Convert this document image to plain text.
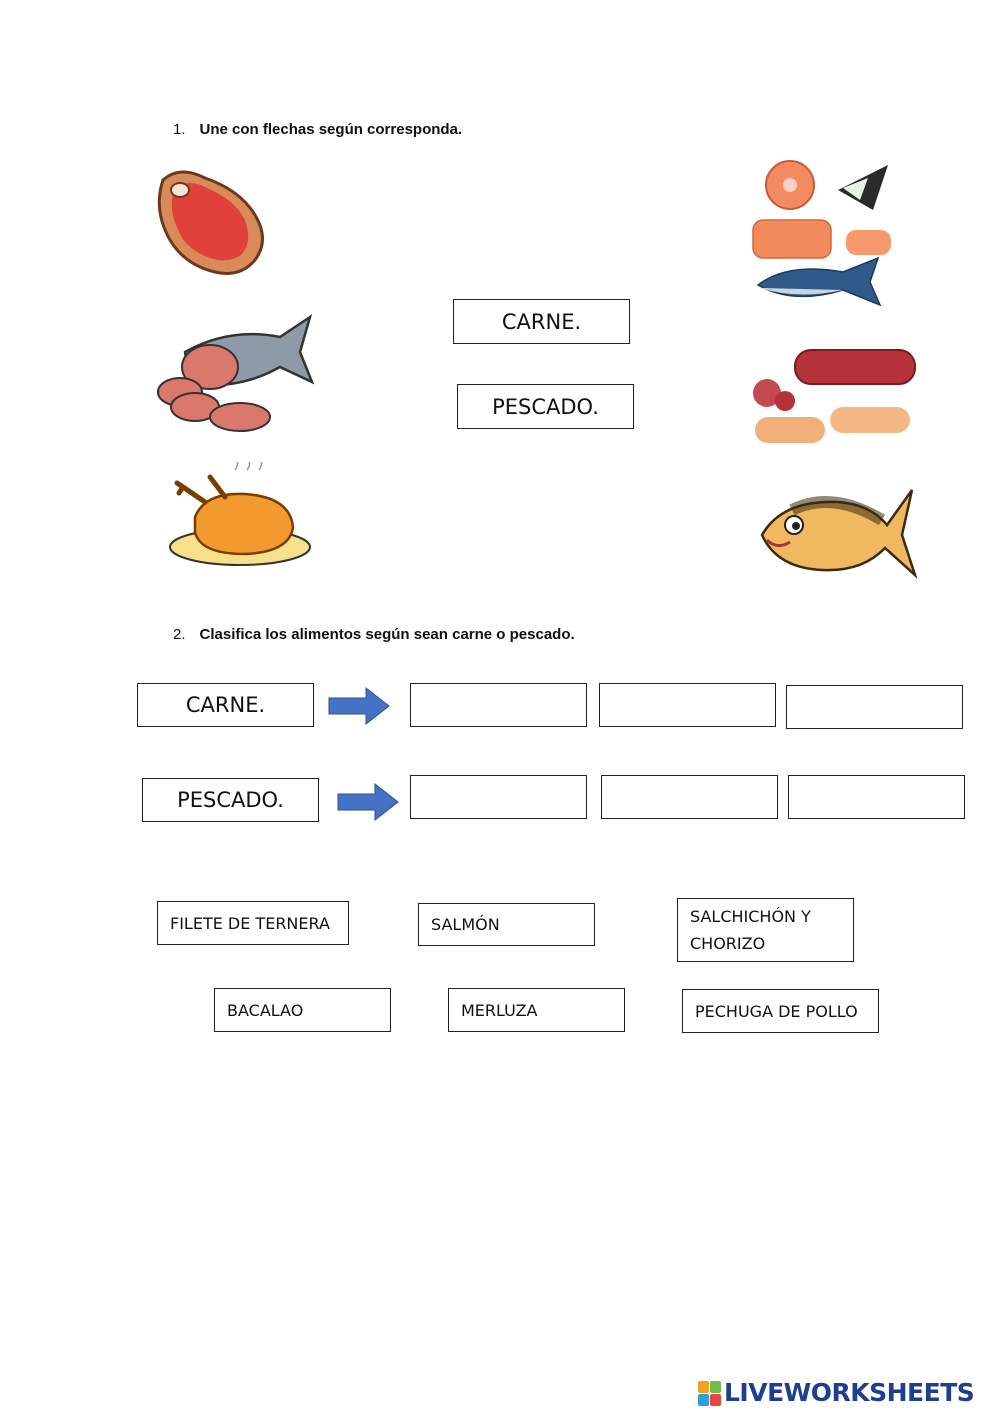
1. Une con flechas según corresponda.
CARNE.
PESCADO.
2. Clasifica los alimentos según sean carne o pescado.
CARNE.
PESCADO.
FILETE DE TERNERA	SALMÓN	SALCHICHÓN Y CHORIZO
BACALAO	MERLUZA	PECHUGA DE POLLO
LIVEWORKSHEETS
